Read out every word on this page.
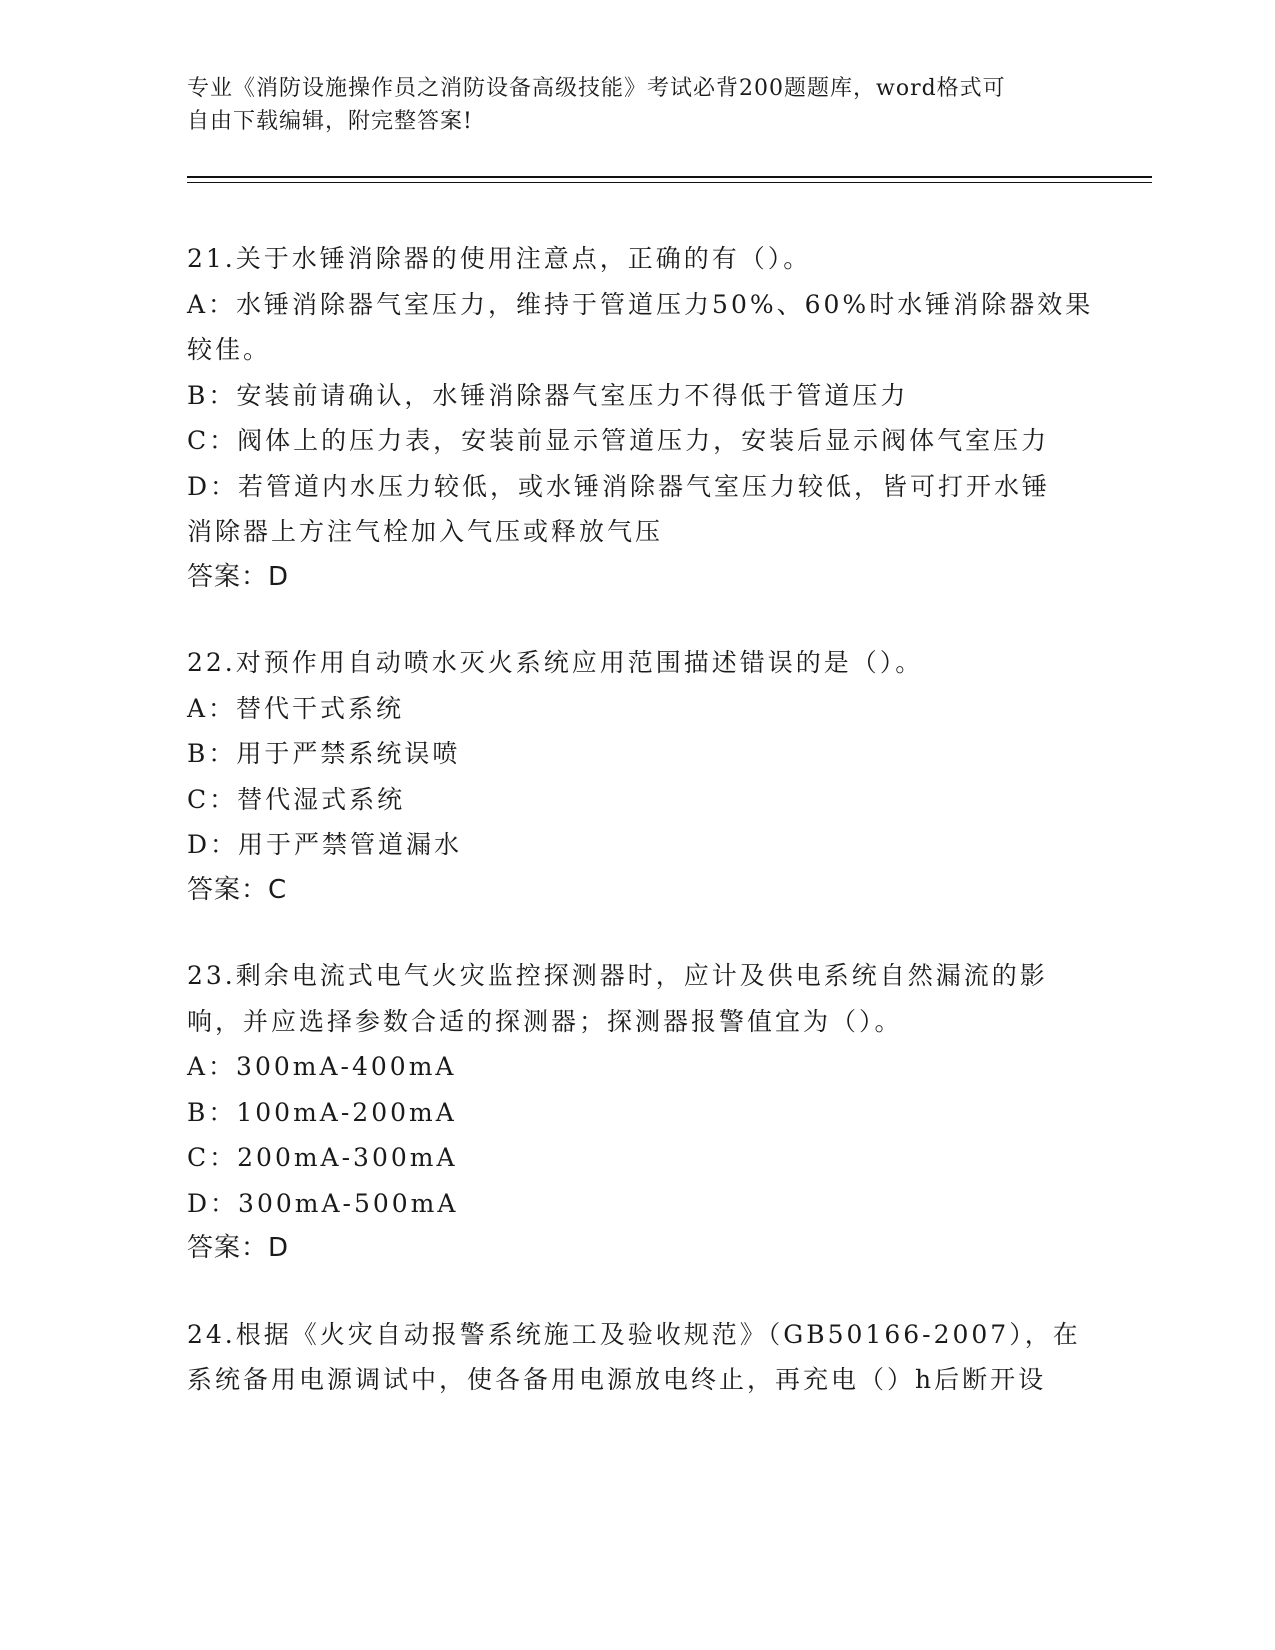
专业《消防设施操作员之消防设备高级技能》考试必背200题题库，word格式可
自由下载编辑，附完整答案!
21.关于水锤消除器的使用注意点，正确的有（）。
A：水锤消除器气室压力，维持于管道压力50%、60%时水锤消除器效果
较佳。
B：安装前请确认，水锤消除器气室压力不得低于管道压力
C：阀体上的压力表，安装前显示管道压力，安装后显示阀体气室压力
D：若管道内水压力较低，或水锤消除器气室压力较低，皆可打开水锤
消除器上方注气栓加入气压或释放气压
答案：D
22.对预作用自动喷水灭火系统应用范围描述错误的是（）。
A：替代干式系统
B：用于严禁系统误喷
C：替代湿式系统
D：用于严禁管道漏水
答案：C
23.剩余电流式电气火灾监控探测器时，应计及供电系统自然漏流的影
响，并应选择参数合适的探测器；探测器报警值宜为（）。
A：300mA-400mA
B：100mA-200mA
C：200mA-300mA
D：300mA-500mA
答案：D
24.根据《火灾自动报警系统施工及验收规范》（GB50166-2007），在
系统备用电源调试中，使各备用电源放电终止，再充电（）h后断开设
